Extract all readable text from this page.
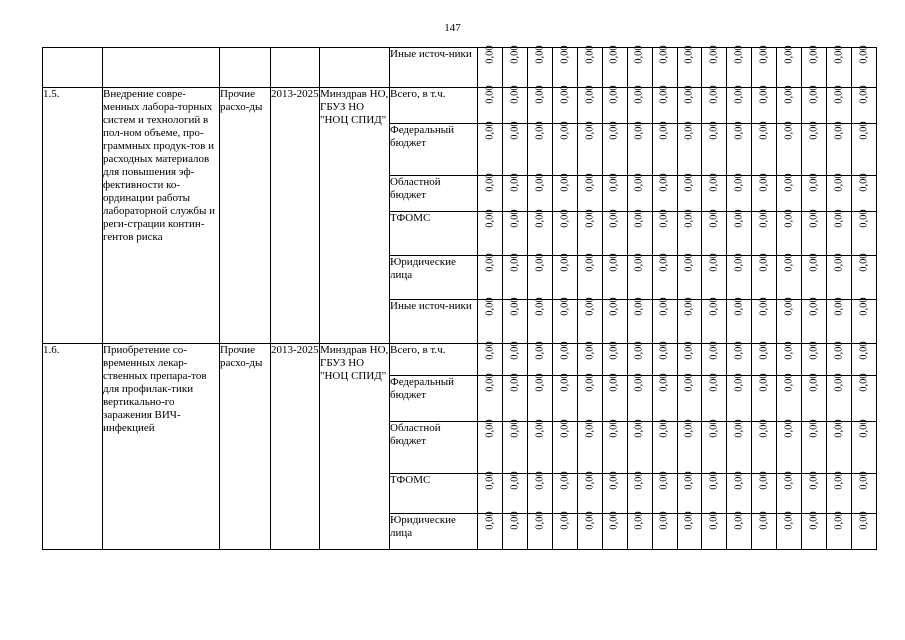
147
					Иные источ-ники	0,00	0,00	0,00	0,00	0,00	0,00	0,00	0,00	0,00	0,00	0,00	0,00	0,00	0,00	0,00	0,00
1.5.	Внедрение совре-менных лабора-торных систем и технологий в пол-ном объеме, про-граммных продук-тов и расходных материалов для повышения эф-фективности ко-ординации работы лабораторной службы и реги-страции контин-гентов риска	Прочие расхо-ды	2013-2025	Минздрав НО, ГБУЗ НО "НОЦ СПИД"	Всего, в т.ч.	0,00	0,00	0,00	0,00	0,00	0,00	0,00	0,00	0,00	0,00	0,00	0,00	0,00	0,00	0,00	0,00
					Федеральный бюджет	0,00	0,00	0,00	0,00	0,00	0,00	0,00	0,00	0,00	0,00	0,00	0,00	0,00	0,00	0,00	0,00
					Областной бюджет	0,00	0,00	0,00	0,00	0,00	0,00	0,00	0,00	0,00	0,00	0,00	0,00	0,00	0,00	0,00	0,00
					ТФОМС	0,00	0,00	0,00	0,00	0,00	0,00	0,00	0,00	0,00	0,00	0,00	0,00	0,00	0,00	0,00	0,00
					Юридические лица	0,00	0,00	0,00	0,00	0,00	0,00	0,00	0,00	0,00	0,00	0,00	0,00	0,00	0,00	0,00	0,00
					Иные источ-ники	0,00	0,00	0,00	0,00	0,00	0,00	0,00	0,00	0,00	0,00	0,00	0,00	0,00	0,00	0,00	0,00
1.6.	Приобретение со-временных лекар-ственных препара-тов для профилак-тики вертикально-го заражения ВИЧ-инфекцией	Прочие расхо-ды	2013-2025	Минздрав НО, ГБУЗ НО "НОЦ СПИД"	Всего, в т.ч.	0,00	0,00	0,00	0,00	0,00	0,00	0,00	0,00	0,00	0,00	0,00	0,00	0,00	0,00	0,00	0,00
					Федеральный бюджет	0,00	0,00	0,00	0,00	0,00	0,00	0,00	0,00	0,00	0,00	0,00	0,00	0,00	0,00	0,00	0,00
					Областной бюджет	0,00	0,00	0,00	0,00	0,00	0,00	0,00	0,00	0,00	0,00	0,00	0,00	0,00	0,00	0,00	0,00
					ТФОМС	0,00	0,00	0,00	0,00	0,00	0,00	0,00	0,00	0,00	0,00	0,00	0,00	0,00	0,00	0,00	0,00
					Юридические лица	0,00	0,00	0,00	0,00	0,00	0,00	0,00	0,00	0,00	0,00	0,00	0,00	0,00	0,00	0,00	0,00
